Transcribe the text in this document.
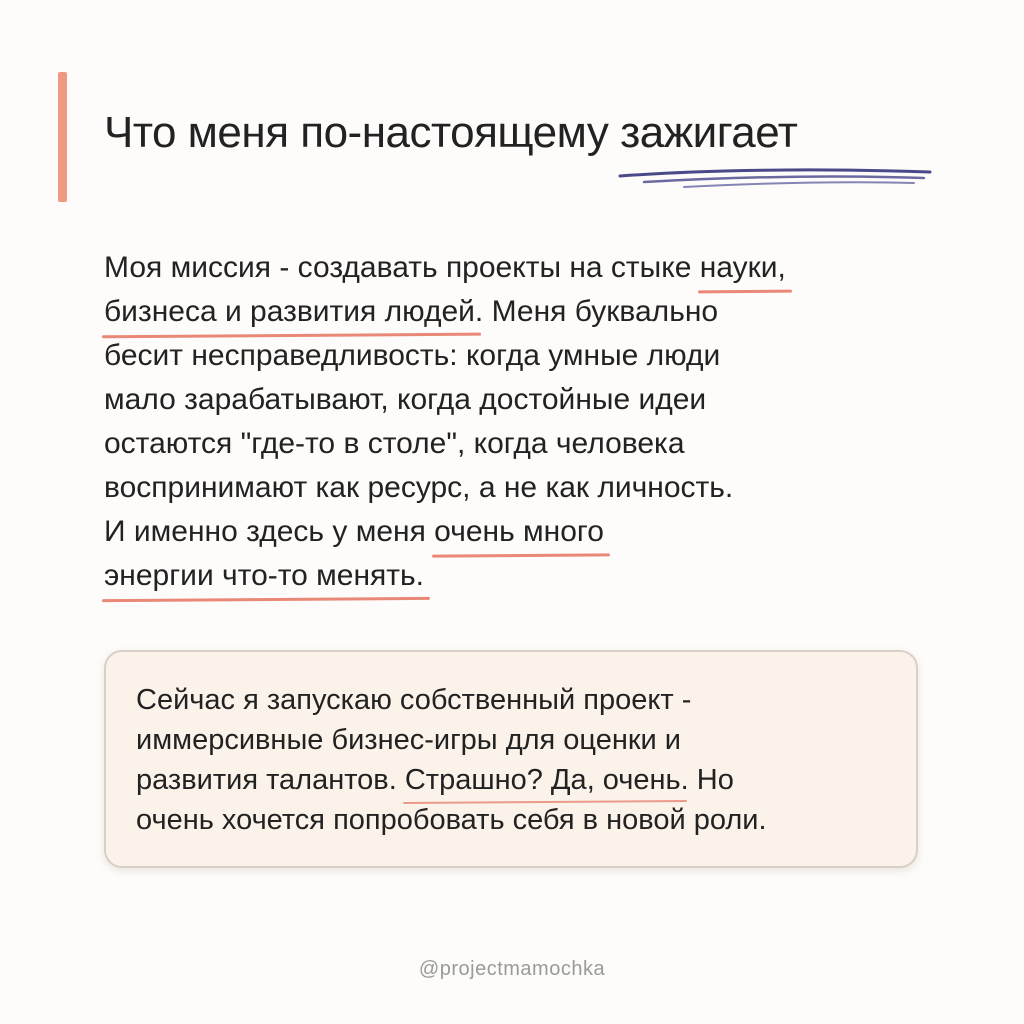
Что меня по-настоящему зажигает

Моя миссия - создавать проекты на стыке науки,
бизнеса и развития людей. Меня буквально
бесит несправедливость: когда умные люди
мало зарабатывают, когда достойные идеи
остаются "где-то в столе", когда человека
воспринимают как ресурс, а не как личность.
И именно здесь у меня очень много
энергии что-то менять.

Сейчас я запускаю собственный проект -
иммерсивные бизнес-игры для оценки и
развития талантов. Страшно? Да, очень. Но
очень хочется попробовать себя в новой роли.

@projectmamochka
